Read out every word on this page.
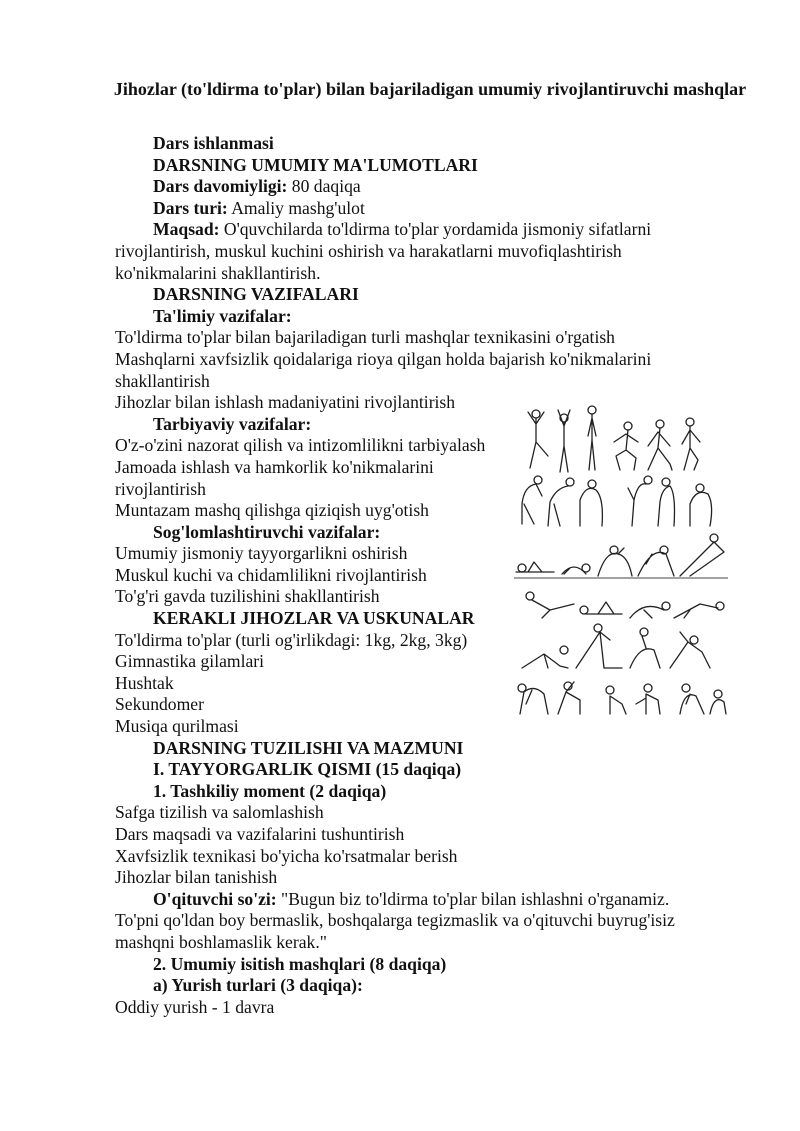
Jihozlar (to'ldirma to'plar) bilan bajariladigan umumiy rivojlantiruvchi mashqlar

Dars ishlanmasi

DARSNING UMUMIY MA'LUMOTLARI

Dars davomiyligi: 80 daqiqa

Dars turi: Amaliy mashg'ulot

Maqsad: O'quvchilarda to'ldirma to'plar yordamida jismoniy sifatlarni

rivojlantirish, muskul kuchini oshirish va harakatlarni muvofiqlashtirish

ko'nikmalarini shakllantirish.

DARSNING VAZIFALARI

Ta'limiy vazifalar:

To'ldirma to'plar bilan bajariladigan turli mashqlar texnikasini o'rgatish

Mashqlarni xavfsizlik qoidalariga rioya qilgan holda bajarish ko'nikmalarini

shakllantirish

Jihozlar bilan ishlash madaniyatini rivojlantirish

Tarbiyaviy vazifalar:

O'z-o'zini nazorat qilish va intizomlilikni tarbiyalash

Jamoada ishlash va hamkorlik ko'nikmalarini

rivojlantirish

Muntazam mashq qilishga qiziqish uyg'otish

Sog'lomlashtiruvchi vazifalar:

Umumiy jismoniy tayyorgarlikni oshirish

Muskul kuchi va chidamlilikni rivojlantirish

To'g'ri gavda tuzilishini shakllantirish

KERAKLI JIHOZLAR VA USKUNALAR

To'ldirma to'plar (turli og'irlikdagi: 1kg, 2kg, 3kg)

Gimnastika gilamlari

Hushtak

Sekundomer

Musiqa qurilmasi

DARSNING TUZILISHI VA MAZMUNI

I. TAYYORGARLIK QISMI (15 daqiqa)

1. Tashkiliy moment (2 daqiqa)

Safga tizilish va salomlashish

Dars maqsadi va vazifalarini tushuntirish

Xavfsizlik texnikasi bo'yicha ko'rsatmalar berish

Jihozlar bilan tanishish

O'qituvchi so'zi: "Bugun biz to'ldirma to'plar bilan ishlashni o'rganamiz.

To'pni qo'ldan boy bermaslik, boshqalarga tegizmaslik va o'qituvchi buyrug'isiz

mashqni boshlamaslik kerak."

2. Umumiy isitish mashqlari (8 daqiqa)

a) Yurish turlari (3 daqiqa):

Oddiy yurish - 1 davra
